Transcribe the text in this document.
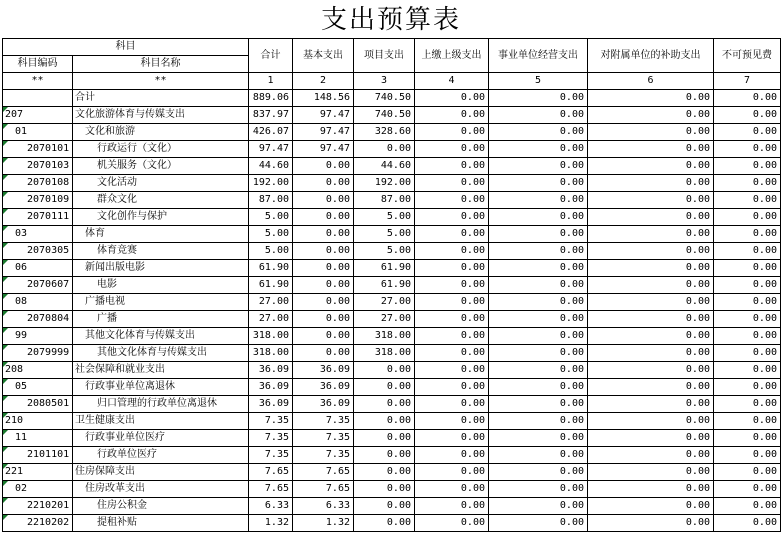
支出预算表
科目		合计	基本支出	项目支出	上缴上级支出	事业单位经营支出	对附属单位的补助支出	不可预见费
科目编码	科目名称							
**	**	1	2	3	4	5	6	7
	合计	889.06	148.56	740.50	0.00	0.00	0.00	0.00
207	文化旅游体育与传媒支出	837.97	97.47	740.50	0.00	0.00	0.00	0.00
01	文化和旅游	426.07	97.47	328.60	0.00	0.00	0.00	0.00
2070101	行政运行（文化）	97.47	97.47	0.00	0.00	0.00	0.00	0.00
2070103	机关服务（文化）	44.60	0.00	44.60	0.00	0.00	0.00	0.00
2070108	文化活动	192.00	0.00	192.00	0.00	0.00	0.00	0.00
2070109	群众文化	87.00	0.00	87.00	0.00	0.00	0.00	0.00
2070111	文化创作与保护	5.00	0.00	5.00	0.00	0.00	0.00	0.00
03	体育	5.00	0.00	5.00	0.00	0.00	0.00	0.00
2070305	体育竞赛	5.00	0.00	5.00	0.00	0.00	0.00	0.00
06	新闻出版电影	61.90	0.00	61.90	0.00	0.00	0.00	0.00
2070607	电影	61.90	0.00	61.90	0.00	0.00	0.00	0.00
08	广播电视	27.00	0.00	27.00	0.00	0.00	0.00	0.00
2070804	广播	27.00	0.00	27.00	0.00	0.00	0.00	0.00
99	其他文化体育与传媒支出	318.00	0.00	318.00	0.00	0.00	0.00	0.00
2079999	其他文化体育与传媒支出	318.00	0.00	318.00	0.00	0.00	0.00	0.00
208	社会保障和就业支出	36.09	36.09	0.00	0.00	0.00	0.00	0.00
05	行政事业单位离退休	36.09	36.09	0.00	0.00	0.00	0.00	0.00
2080501	归口管理的行政单位离退休	36.09	36.09	0.00	0.00	0.00	0.00	0.00
210	卫生健康支出	7.35	7.35	0.00	0.00	0.00	0.00	0.00
11	行政事业单位医疗	7.35	7.35	0.00	0.00	0.00	0.00	0.00
2101101	行政单位医疗	7.35	7.35	0.00	0.00	0.00	0.00	0.00
221	住房保障支出	7.65	7.65	0.00	0.00	0.00	0.00	0.00
02	住房改革支出	7.65	7.65	0.00	0.00	0.00	0.00	0.00
2210201	住房公积金	6.33	6.33	0.00	0.00	0.00	0.00	0.00
2210202	提租补贴	1.32	1.32	0.00	0.00	0.00	0.00	0.00
